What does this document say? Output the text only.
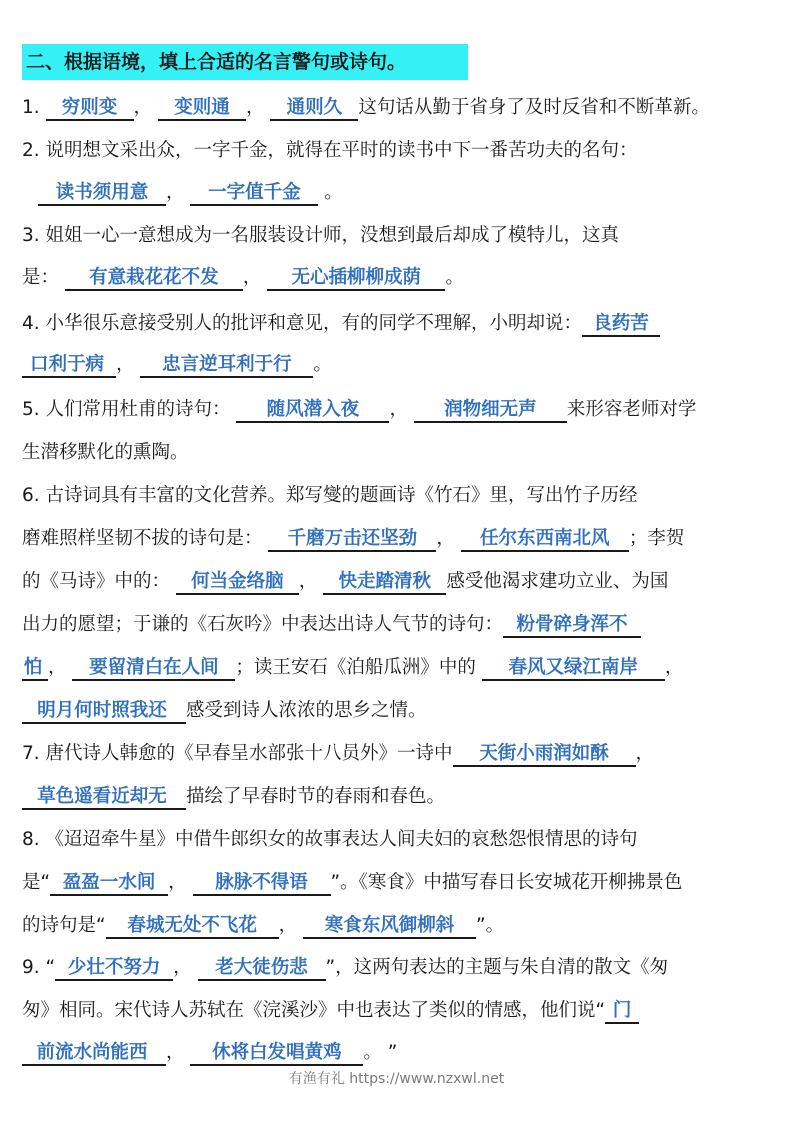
二、根据语境，填上合适的名言警句或诗句。
1. 穷则变 ， 变则通 ， 通则久 这句话从勤于省身了及时反省和不断革新。
2. 说明想文采出众，一字千金，就得在平时的读书中下一番苦功夫的名句：
读书须用意 ， 一字值千金 。
3. 姐姐一心一意想成为一名服装设计师，没想到最后却成了模特儿，这真
是： 有意栽花花不发 ， 无心插柳柳成荫 。
4. 小华很乐意接受别人的批评和意见，有的同学不理解，小明却说： 良药苦
口利于病 ， 忠言逆耳利于行 。
5. 人们常用杜甫的诗句： 随风潜入夜 ， 润物细无声 来形容老师对学
生潜移默化的熏陶。
6. 古诗词具有丰富的文化营养。郑写燮的题画诗《竹石》里，写出竹子历经
磨难照样坚韧不拔的诗句是： 千磨万击还坚劲 ， 任尔东西南北风 ；李贺
的《马诗》中的： 何当金络脑 ， 快走踏清秋 感受他渴求建功立业、为国
出力的愿望；于谦的《石灰吟》中表达出诗人气节的诗句： 粉骨碎身浑不
怕 ， 要留清白在人间 ；读王安石《泊船瓜洲》中的 春风又绿江南岸 ，
明月何时照我还 感受到诗人浓浓的思乡之情。
7. 唐代诗人韩愈的《早春呈水部张十八员外》一诗中 天街小雨润如酥 ，
草色遥看近却无 描绘了早春时节的春雨和春色。
8. 《迢迢牵牛星》中借牛郎织女的故事表达人间夫妇的哀愁怨恨情思的诗句
是“ 盈盈一水间 ， 脉脉不得语 ”。《寒食》中描写春日长安城花开柳拂景色
的诗句是“ 春城无处不飞花 ， 寒食东风御柳斜 ”。
9. “ 少壮不努力 ， 老大徒伤悲 ”，这两句表达的主题与朱自清的散文《匆
匆》相同。宋代诗人苏轼在《浣溪沙》中也表达了类似的情感，他们说“ 门
前流水尚能西 ， 休将白发唱黄鸡 。 ”
有渔有礼 https://www.nzxwl.net
